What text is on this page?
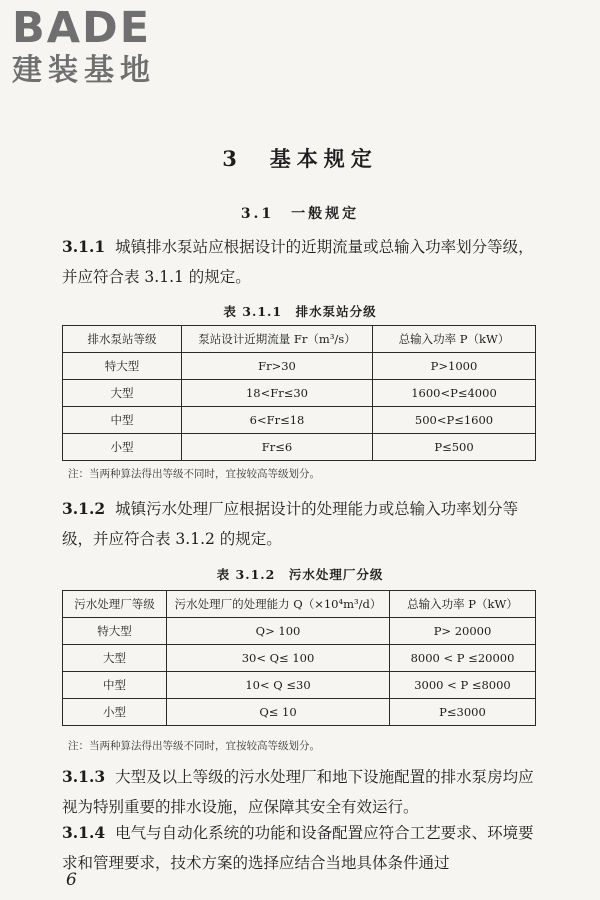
BADE
建装基地
3　基本规定
3.1　一般规定
3.1.1 城镇排水泵站应根据设计的近期流量或总输入功率划分等级，并应符合表 3.1.1 的规定。
表 3.1.1　排水泵站分级
排水泵站等级	泵站设计近期流量 Fr（m³/s）	总输入功率 P（kW）
特大型	Fr>30	P>1000
大型	18<Fr≤30	1600<P≤4000
中型	6<Fr≤18	500<P≤1600
小型	Fr≤6	P≤500
注：当两种算法得出等级不同时，宜按较高等级划分。
3.1.2 城镇污水处理厂应根据设计的处理能力或总输入功率划分等级，并应符合表 3.1.2 的规定。
表 3.1.2　污水处理厂分级
污水处理厂等级	污水处理厂的处理能力 Q（×10⁴m³/d）	总输入功率 P（kW）
特大型	Q> 100	P> 20000
大型	30< Q≤ 100	8000 < P ≤20000
中型	10< Q ≤30	3000 < P ≤8000
小型	Q≤ 10	P≤3000
注：当两种算法得出等级不同时，宜按较高等级划分。
3.1.3 大型及以上等级的污水处理厂和地下设施配置的排水泵房均应视为特别重要的排水设施，应保障其安全有效运行。
3.1.4 电气与自动化系统的功能和设备配置应符合工艺要求、环境要求和管理要求，技术方案的选择应结合当地具体条件通过
6
